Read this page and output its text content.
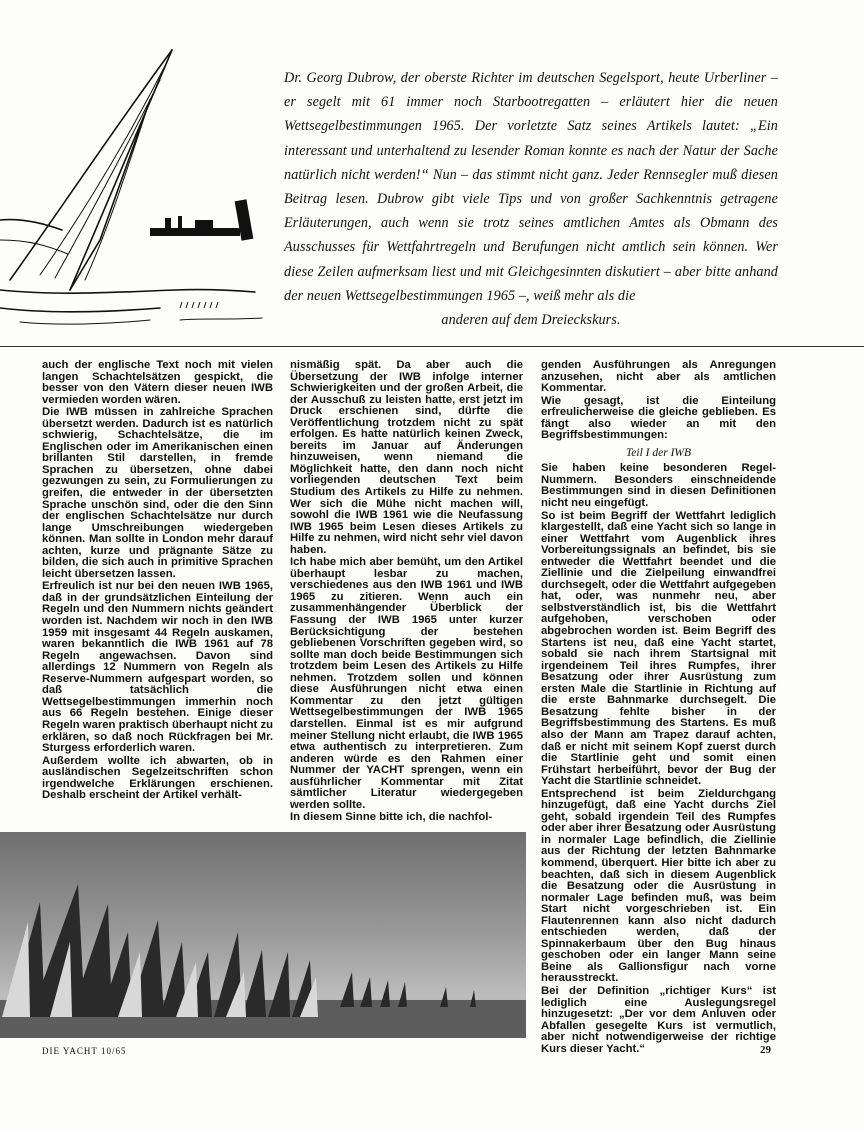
Dr. Georg Dubrow, der oberste Richter im deutschen Segelsport, heute Urberliner – er segelt mit 61 immer noch Starbootregatten – erläutert hier die neuen Wettsegelbestimmungen 1965. Der vorletzte Satz seines Artikels lautet: „Ein interessant und unterhaltend zu lesender Roman konnte es nach der Natur der Sache natürlich nicht werden!“ Nun – das stimmt nicht ganz. Jeder Rennsegler muß diesen Beitrag lesen. Dubrow gibt viele Tips und von großer Sachkenntnis getragene Erläuterungen, auch wenn sie trotz seines amtlichen Amtes als Obmann des Ausschusses für Wettfahrtregeln und Berufungen nicht amtlich sein können. Wer diese Zeilen aufmerksam liest und mit Gleichgesinnten diskutiert – aber bitte anhand der neuen Wettsegelbestimmungen 1965 –, weiß mehr als die
anderen auf dem Dreieckskurs.

auch der englische Text noch mit vielen langen Schachtelsätzen gespickt, die besser von den Vätern dieser neuen IWB vermieden worden wären.

Die IWB müssen in zahlreiche Sprachen übersetzt werden. Dadurch ist es natürlich schwierig, Schachtelsätze, die im Englischen oder im Amerikanischen einen brillanten Stil darstellen, in fremde Sprachen zu übersetzen, ohne dabei gezwungen zu sein, zu Formulierungen zu greifen, die entweder in der übersetzten Sprache unschön sind, oder die den Sinn der englischen Schachtelsätze nur durch lange Umschreibungen wiedergeben können. Man sollte in London mehr darauf achten, kurze und prägnante Sätze zu bilden, die sich auch in primitive Sprachen leicht übersetzen lassen.

Erfreulich ist nur bei den neuen IWB 1965, daß in der grundsätzlichen Einteilung der Regeln und den Nummern nichts geändert worden ist. Nachdem wir noch in den IWB 1959 mit insgesamt 44 Regeln auskamen, waren bekanntlich die IWB 1961 auf 78 Regeln angewachsen. Davon sind allerdings 12 Nummern von Regeln als Reserve-Nummern aufgespart worden, so daß tatsächlich die Wettsegelbestimmungen immerhin noch aus 66 Regeln bestehen. Einige dieser Regeln waren praktisch überhaupt nicht zu erklären, so daß noch Rückfragen bei Mr. Sturgess erforderlich waren.

Außerdem wollte ich abwarten, ob in ausländischen Segelzeitschriften schon irgendwelche Erklärungen erschienen. Deshalb erscheint der Artikel verhält-

nismäßig spät. Da aber auch die Übersetzung der IWB infolge interner Schwierigkeiten und der großen Arbeit, die der Ausschuß zu leisten hatte, erst jetzt im Druck erschienen sind, dürfte die Veröffentlichung trotzdem nicht zu spät erfolgen. Es hatte natürlich keinen Zweck, bereits im Januar auf Änderungen hinzuweisen, wenn niemand die Möglichkeit hatte, den dann noch nicht vorliegenden deutschen Text beim Studium des Artikels zu Hilfe zu nehmen. Wer sich die Mühe nicht machen will, sowohl die IWB 1961 wie die Neufassung IWB 1965 beim Lesen dieses Artikels zu Hilfe zu nehmen, wird nicht sehr viel davon haben.

Ich habe mich aber bemüht, um den Artikel überhaupt lesbar zu machen, verschiedenes aus den IWB 1961 und IWB 1965 zu zitieren. Wenn auch ein zusammenhängender Überblick der Fassung der IWB 1965 unter kurzer Berücksichtigung der bestehen gebliebenen Vorschriften gegeben wird, so sollte man doch beide Bestimmungen sich trotzdem beim Lesen des Artikels zu Hilfe nehmen. Trotzdem sollen und können diese Ausführungen nicht etwa einen Kommentar zu den jetzt gültigen Wettsegelbestimmungen der IWB 1965 darstellen. Einmal ist es mir aufgrund meiner Stellung nicht erlaubt, die IWB 1965 etwa authentisch zu interpretieren. Zum anderen würde es den Rahmen einer Nummer der YACHT sprengen, wenn ein ausführlicher Kommentar mit Zitat sämtlicher Literatur wiedergegeben werden sollte.

In diesem Sinne bitte ich, die nachfol-

genden Ausführungen als Anregungen anzusehen, nicht aber als amtlichen Kommentar.

Wie gesagt, ist die Einteilung erfreulicherweise die gleiche geblieben. Es fängt also wieder an mit den Begriffsbestimmungen:

Teil I der IWB

Sie haben keine besonderen Regel-Nummern. Besonders einschneidende Bestimmungen sind in diesen Definitionen nicht neu eingefügt.

So ist beim Begriff der Wettfahrt lediglich klargestellt, daß eine Yacht sich so lange in einer Wettfahrt vom Augenblick ihres Vorbereitungssignals an befindet, bis sie entweder die Wettfahrt beendet und die Ziellinie und die Zielpeilung einwandfrei durchsegelt, oder die Wettfahrt aufgegeben hat, oder, was nunmehr neu, aber selbstverständlich ist, bis die Wettfahrt aufgehoben, verschoben oder abgebrochen worden ist. Beim Begriff des Startens ist neu, daß eine Yacht startet, sobald sie nach ihrem Startsignal mit irgendeinem Teil ihres Rumpfes, ihrer Besatzung oder ihrer Ausrüstung zum ersten Male die Startlinie in Richtung auf die erste Bahnmarke durchsegelt. Die Besatzung fehlte bisher in der Begriffsbestimmung des Startens. Es muß also der Mann am Trapez darauf achten, daß er nicht mit seinem Kopf zuerst durch die Startlinie geht und somit einen Frühstart herbeiführt, bevor der Bug der Yacht die Startlinie schneidet.

Entsprechend ist beim Zieldurchgang hinzugefügt, daß eine Yacht durchs Ziel geht, sobald irgendein Teil des Rumpfes oder aber ihrer Besatzung oder Ausrüstung in normaler Lage befindlich, die Ziellinie aus der Richtung der letzten Bahnmarke kommend, überquert. Hier bitte ich aber zu beachten, daß sich in diesem Augenblick die Besatzung oder die Ausrüstung in normaler Lage befinden muß, was beim Start nicht vorgeschrieben ist. Ein Flautenrennen kann also nicht dadurch entschieden werden, daß der Spinnakerbaum über den Bug hinaus geschoben oder ein langer Mann seine Beine als Gallionsfigur nach vorne herausstreckt.

Bei der Definition „richtiger Kurs“ ist lediglich eine Auslegungsregel hinzugesetzt: „Der vor dem Anluven oder Abfallen gesegelte Kurs ist vermutlich, aber nicht notwendigerweise der richtige Kurs dieser Yacht.“

DIE YACHT 10/65	29
